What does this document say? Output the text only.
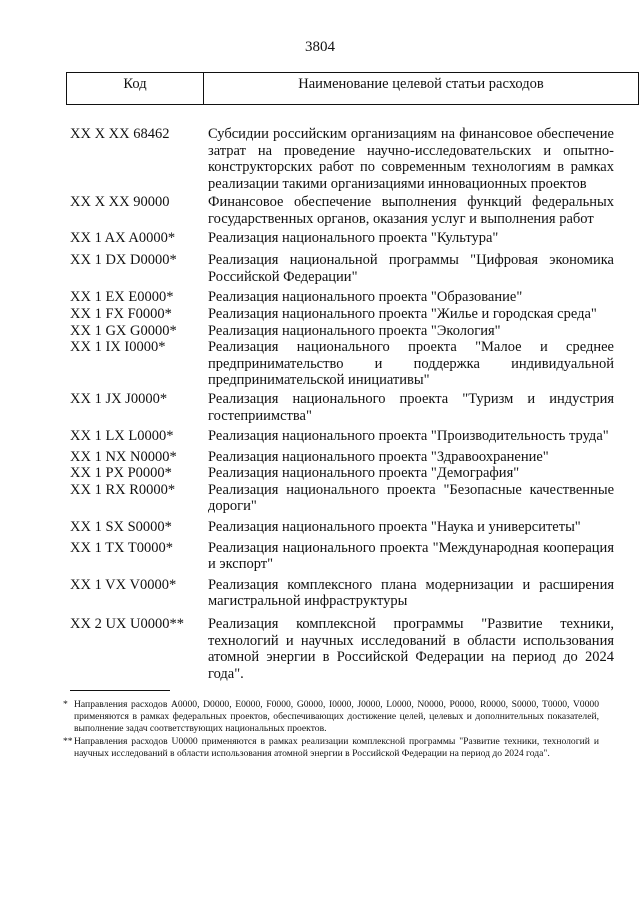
3804
Код	Наименование целевой статьи расходов
XX X XX 68462	Субсидии российским организациям на финансовое обеспечение затрат на проведение научно-исследовательских и опытно-конструкторских работ по современным технологиям в рамках реализации такими организациями инновационных проектов
XX X XX 90000	Финансовое обеспечение выполнения функций федеральных государственных органов, оказания услуг и выполнения работ
XX 1 AX A0000*	Реализация национального проекта "Культура"
XX 1 DX D0000*	Реализация национальной программы "Цифровая экономика Российской Федерации"
XX 1 EX E0000*	Реализация национального проекта "Образование"
XX 1 FX F0000*	Реализация национального проекта "Жилье и городская среда"
XX 1 GX G0000*	Реализация национального проекта "Экология"
XX 1 IX I0000*	Реализация национального проекта "Малое и среднее предпринимательство и поддержка индивидуальной предпринимательской инициативы"
XX 1 JX J0000*	Реализация национального проекта "Туризм и индустрия гостеприимства"
XX 1 LX L0000*	Реализация национального проекта "Производительность труда"
XX 1 NX N0000*	Реализация национального проекта "Здравоохранение"
XX 1 PX P0000*	Реализация национального проекта "Демография"
XX 1 RX R0000*	Реализация национального проекта "Безопасные качественные дороги"
XX 1 SX S0000*	Реализация национального проекта "Наука и университеты"
XX 1 TX T0000*	Реализация национального проекта "Международная кооперация и экспорт"
XX 1 VX V0000*	Реализация комплексного плана модернизации и расширения магистральной инфраструктуры
XX 2 UX U0000**	Реализация комплексной программы "Развитие техники, технологий и научных исследований в области использования атомной энергии в Российской Федерации на период до 2024 года".
* Направления расходов A0000, D0000, E0000, F0000, G0000, I0000, J0000, L0000, N0000, P0000, R0000, S0000, T0000, V0000 применяются в рамках федеральных проектов, обеспечивающих достижение целей, целевых и дополнительных показателей, выполнение задач соответствующих национальных проектов.
** Направления расходов U0000 применяются в рамках реализации комплексной программы "Развитие техники, технологий и научных исследований в области использования атомной энергии в Российской Федерации на период до 2024 года".
